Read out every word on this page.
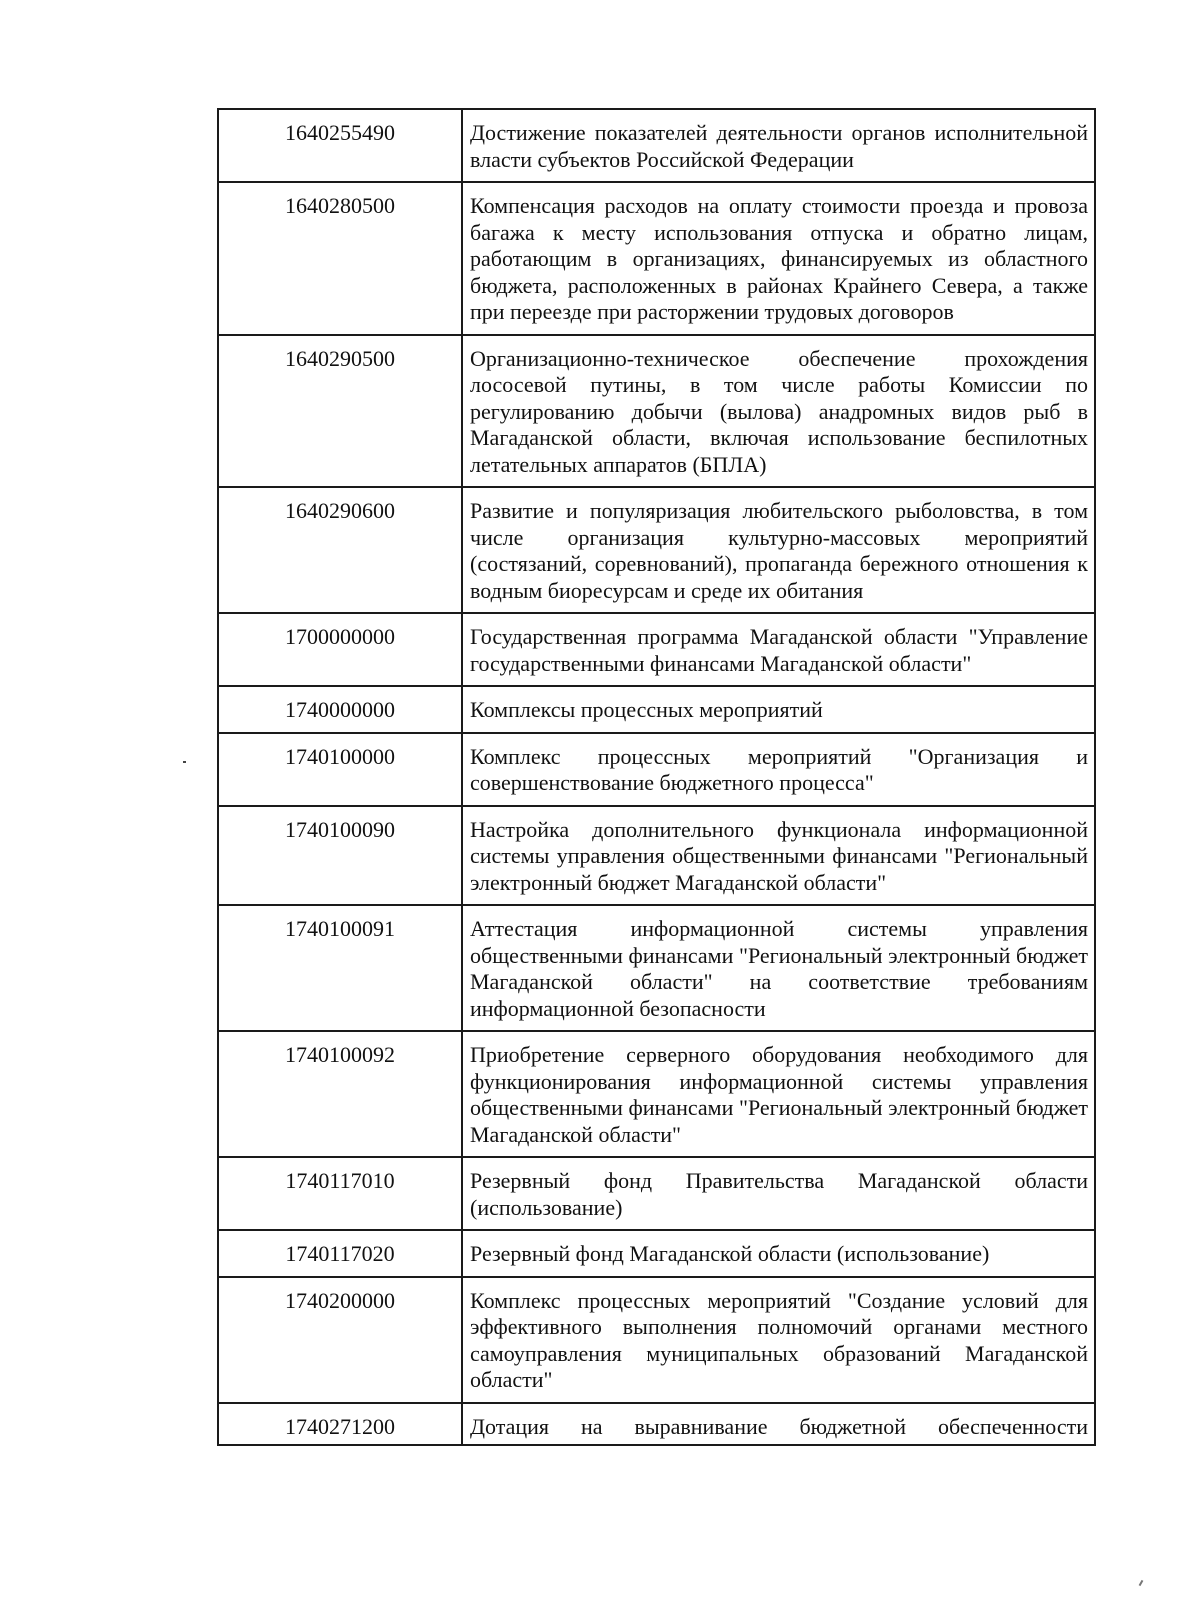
1640255490	Достижение показателей деятельности органов исполнительной власти субъектов Российской Федерации
1640280500	Компенсация расходов на оплату стоимости проезда и провоза багажа к месту использования отпуска и обратно лицам, работающим в организациях, финансируемых из областного бюджета, расположенных в районах Крайнего Севера, а также при переезде при расторжении трудовых договоров
1640290500	Организационно-техническое обеспечение прохождения лососевой путины, в том числе работы Комиссии по регулированию добычи (вылова) анадромных видов рыб в Магаданской области, включая использование беспилотных летательных аппаратов (БПЛА)
1640290600	Развитие и популяризация любительского рыболовства, в том числе организация культурно-массовых мероприятий (состязаний, соревнований), пропаганда бережного отношения к водным биоресурсам и среде их обитания
1700000000	Государственная программа Магаданской области "Управление государственными финансами Магаданской области"
1740000000	Комплексы процессных мероприятий
1740100000	Комплекс процессных мероприятий "Организация и совершенствование бюджетного процесса"
1740100090	Настройка дополнительного функционала информационной системы управления общественными финансами "Региональный электронный бюджет Магаданской области"
1740100091	Аттестация информационной системы управления общественными финансами "Региональный электронный бюджет Магаданской области" на соответствие требованиям информационной безопасности
1740100092	Приобретение серверного оборудования необходимого для функционирования информационной системы управления общественными финансами "Региональный электронный бюджет Магаданской области"
1740117010	Резервный фонд Правительства Магаданской области (использование)
1740117020	Резервный фонд Магаданской области (использование)
1740200000	Комплекс процессных мероприятий "Создание условий для эффективного выполнения полномочий органами местного самоуправления муниципальных образований Магаданской области"
1740271200	Дотация на выравнивание бюджетной обеспеченности
